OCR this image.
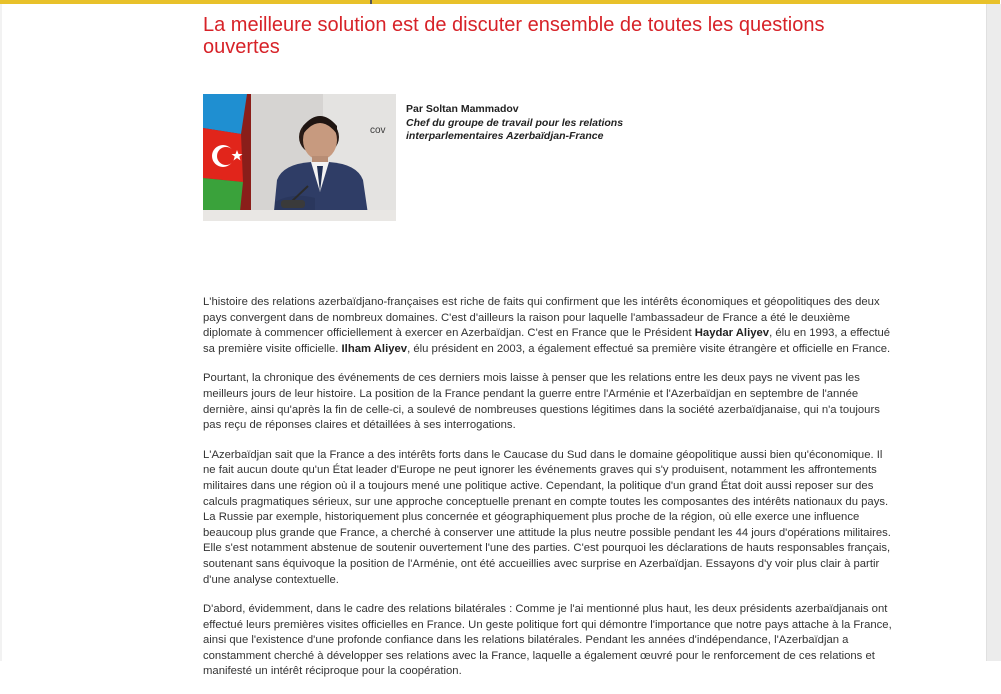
La meilleure solution est de discuter ensemble de toutes les questions ouvertes
cov
Par Soltan Mammadov
Chef du groupe de travail pour les relations
interparlementaires Azerbaïdjan-France

L'histoire des relations azerbaïdjano-françaises est riche de faits qui confirment que les intérêts économiques et géopolitiques des deux pays convergent dans de nombreux domaines. C'est d'ailleurs la raison pour laquelle l'ambassadeur de France a été le deuxième diplomate à commencer officiellement à exercer en Azerbaïdjan. C'est en France que le Président Haydar Aliyev, élu en 1993, a effectué sa première visite officielle. Ilham Aliyev, élu président en 2003, a également effectué sa première visite étrangère et officielle en France.

Pourtant, la chronique des événements de ces derniers mois laisse à penser que les relations entre les deux pays ne vivent pas les meilleurs jours de leur histoire. La position de la France pendant la guerre entre l'Arménie et l'Azerbaïdjan en septembre de l'année dernière, ainsi qu'après la fin de celle-ci, a soulevé de nombreuses questions légitimes dans la société azerbaïdjanaise, qui n'a toujours pas reçu de réponses claires et détaillées à ses interrogations.

L'Azerbaïdjan sait que la France a des intérêts forts dans le Caucase du Sud dans le domaine géopolitique aussi bien qu'économique. Il ne fait aucun doute qu'un État leader d'Europe ne peut ignorer les événements graves qui s'y produisent, notamment les affrontements militaires dans une région où il a toujours mené une politique active. Cependant, la politique d'un grand État doit aussi reposer sur des calculs pragmatiques sérieux, sur une approche conceptuelle prenant en compte toutes les composantes des intérêts nationaux du pays. La Russie par exemple, historiquement plus concernée et géographiquement plus proche de la région, où elle exerce une influence beaucoup plus grande que France, a cherché à conserver une attitude la plus neutre possible pendant les 44 jours d'opérations militaires. Elle s'est notamment abstenue de soutenir ouvertement l'une des parties. C'est pourquoi les déclarations de hauts responsables français, soutenant sans équivoque la position de l'Arménie, ont été accueillies avec surprise en Azerbaïdjan. Essayons d'y voir plus clair à partir d'une analyse contextuelle.

D'abord, évidemment, dans le cadre des relations bilatérales : Comme je l'ai mentionné plus haut, les deux présidents azerbaïdjanais ont effectué leurs premières visites officielles en France. Un geste politique fort qui démontre l'importance que notre pays attache à la France, ainsi que l'existence d'une profonde confiance dans les relations bilatérales. Pendant les années d'indépendance, l'Azerbaïdjan a constamment cherché à développer ses relations avec la France, laquelle a également œuvré pour le renforcement de ces relations et manifesté un intérêt réciproque pour la coopération.
